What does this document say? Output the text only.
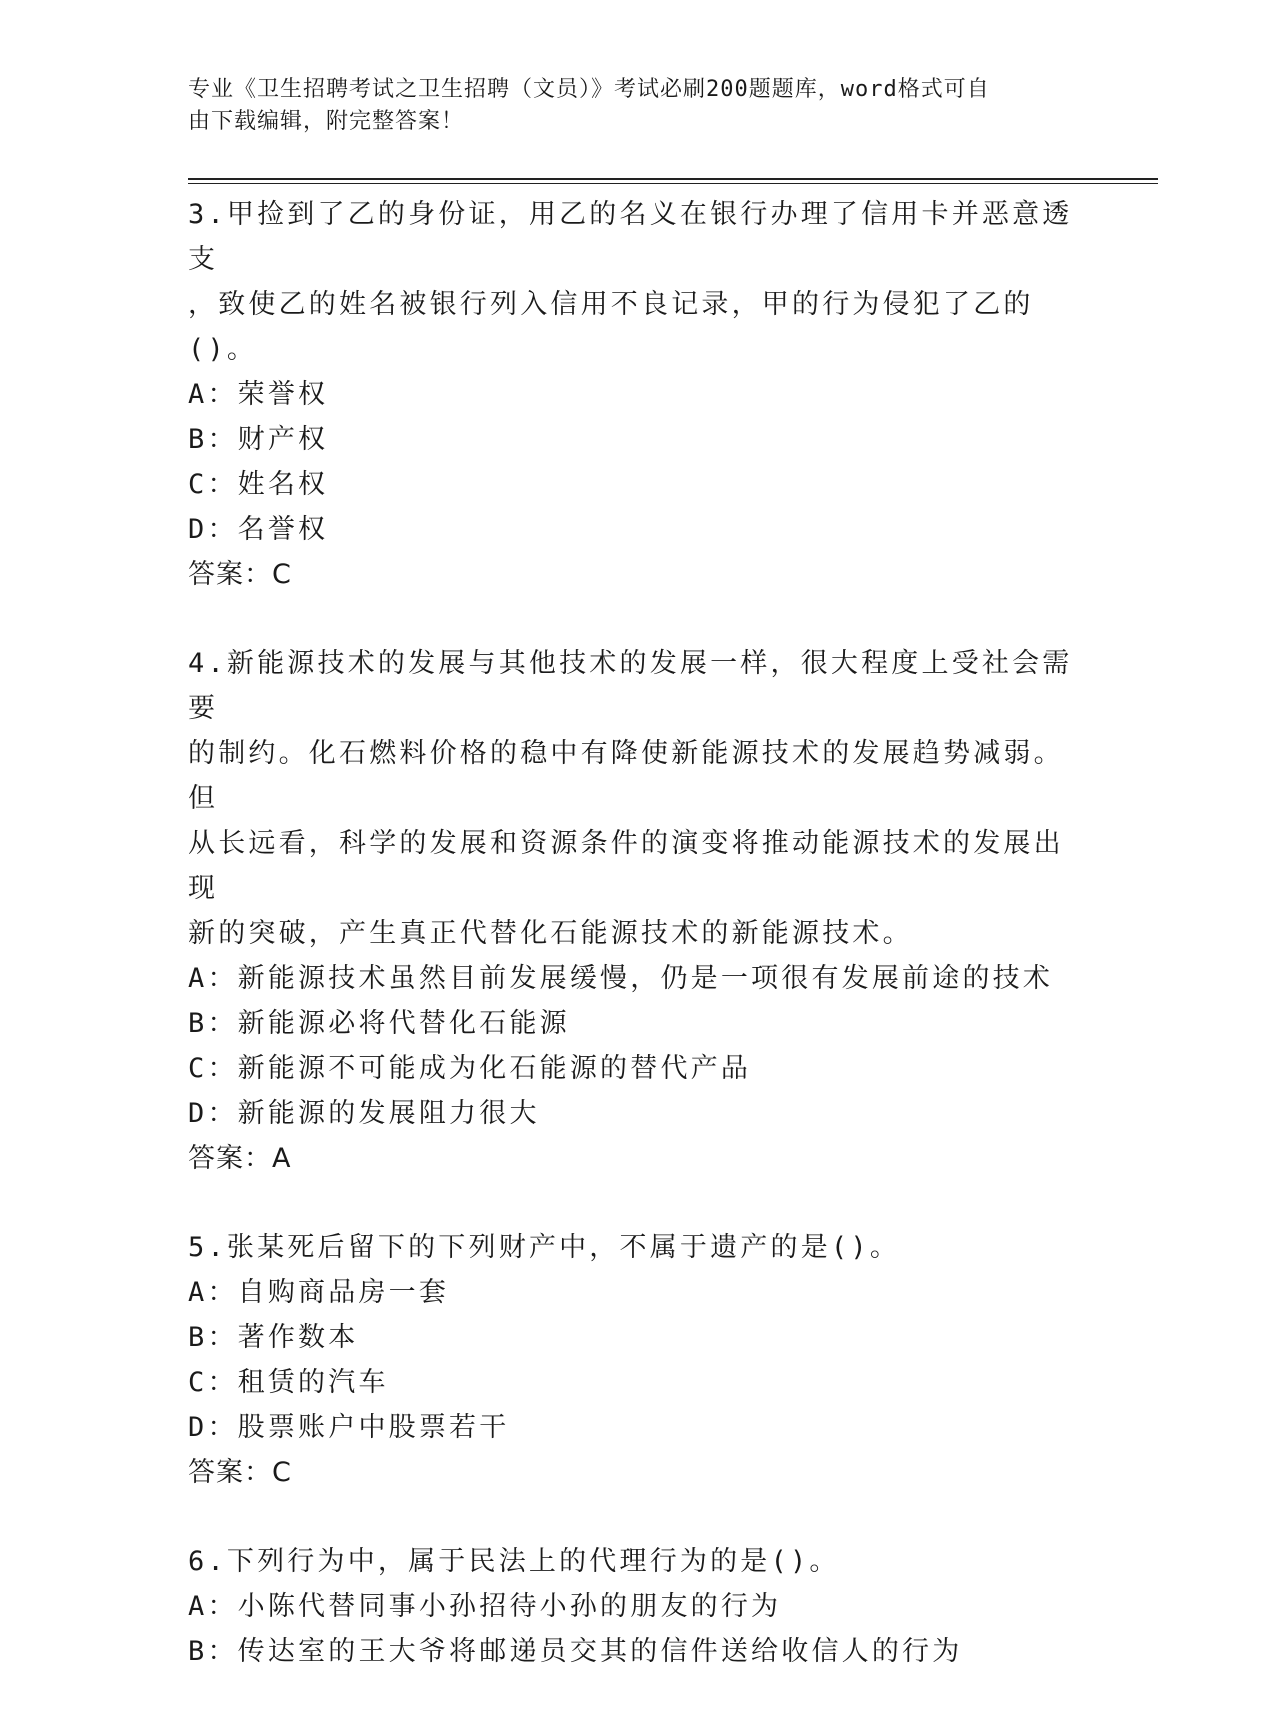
专业《卫生招聘考试之卫生招聘（文员）》考试必刷200题题库，word格式可自
由下载编辑，附完整答案！
3.甲捡到了乙的身份证，用乙的名义在银行办理了信用卡并恶意透支
，致使乙的姓名被银行列入信用不良记录，甲的行为侵犯了乙的()。
A：荣誉权
B：财产权
C：姓名权
D：名誉权
答案：C
4.新能源技术的发展与其他技术的发展一样，很大程度上受社会需要
的制约。化石燃料价格的稳中有降使新能源技术的发展趋势减弱。但
从长远看，科学的发展和资源条件的演变将推动能源技术的发展出现
新的突破，产生真正代替化石能源技术的新能源技术。
A：新能源技术虽然目前发展缓慢，仍是一项很有发展前途的技术
B：新能源必将代替化石能源
C：新能源不可能成为化石能源的替代产品
D：新能源的发展阻力很大
答案：A
5.张某死后留下的下列财产中，不属于遗产的是()。
A：自购商品房一套
B：著作数本
C：租赁的汽车
D：股票账户中股票若干
答案：C
6.下列行为中，属于民法上的代理行为的是()。
A：小陈代替同事小孙招待小孙的朋友的行为
B：传达室的王大爷将邮递员交其的信件送给收信人的行为
